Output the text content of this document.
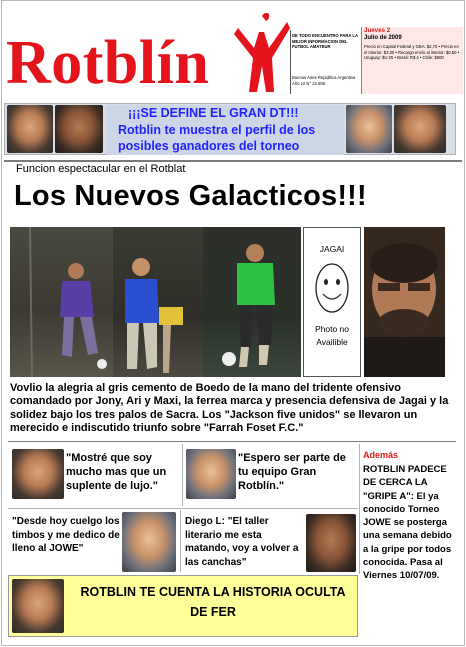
Rotblín	DE TODO ENCUENTRO PARA LA MEJOR INFORMACION DEL FUTBOL AMATEUR
Buenos Aires República Argentina Año LII N° 22.806
Jueves 2
Julio de 2009
Precio en Capital Federal y GBA: $2,70 • Precio en el Interior: $3,00 • Recargo envío al interior: $0,50 • Uruguay: $U 25 • Brasil: R$ 4 • Chile: $800
¡¡¡SE DEFINE EL GRAN DT!!!
Rotblin te muestra el perfil de los posibles ganadores del torneo
Funcion espectacular en el Rotblat
Los Nuevos Galacticos!!!
JAGAI
Photo no Availible
Vovlio la alegria al gris cemento de Boedo de la mano del tridente ofensivo comandado por Jony, Ari y Maxi, la ferrea marca y presencia defensiva de Jagai y la solidez bajo los tres palos de Sacra. Los "Jackson five unidos" se llevaron un merecido e indiscutido triunfo sobre "Farrah Foset F.C."
"Mostré que soy mucho mas que un suplente de lujo."
"Espero ser parte de tu equipo Gran Rotblín."
"Desde hoy cuelgo los timbos y me dedico de lleno al JOWE"
Diego L: "El taller literario me esta matando, voy a volver a las canchas"
Además
ROTBLIN PADECE DE CERCA LA "GRIPE A": El ya conocido Torneo JOWE se posterga una semana debido a la gripe por todos conocida. Pasa al Viernes 10/07/09.
ROTBLIN TE CUENTA LA HISTORIA OCULTA DE FER
